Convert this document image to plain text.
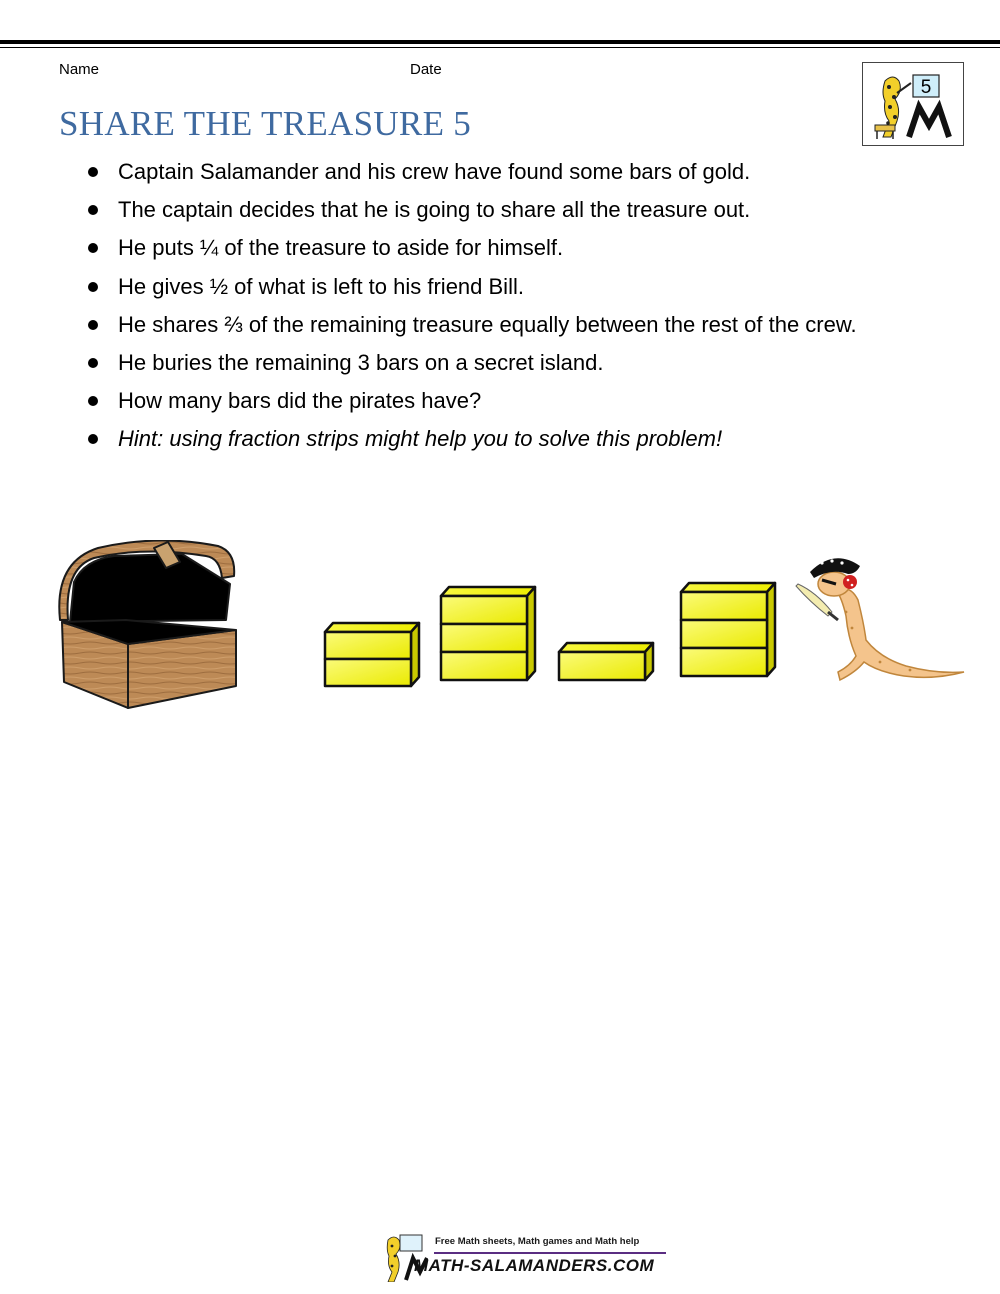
Name	Date
SHARE THE TREASURE 5
5
Captain Salamander and his crew have found some bars of gold.
The captain decides that he is going to share all the treasure out.
He puts ¼ of the treasure to aside for himself.
He gives ½ of what is left to his friend Bill.
He shares ⅔ of the remaining treasure equally between the rest of the crew.
He buries the remaining 3 bars on a secret island.
How many bars did the pirates have?
Hint: using fraction strips might help you to solve this problem!
Free Math sheets, Math games and Math help
MATH-SALAMANDERS.COM
